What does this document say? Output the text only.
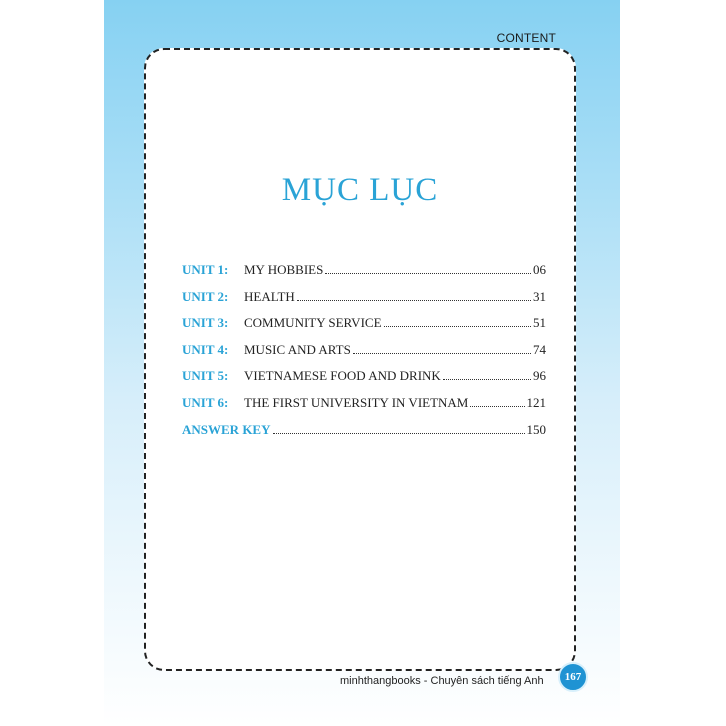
CONTENT
MỤC LỤC
UNIT 1:	MY HOBBIES	06
UNIT 2:	HEALTH	31
UNIT 3:	COMMUNITY SERVICE	51
UNIT 4:	MUSIC AND ARTS	74
UNIT 5:	VIETNAMESE FOOD AND DRINK	96
UNIT 6:	THE FIRST UNIVERSITY IN VIETNAM	121
ANSWER KEY	150
minhthangbooks - Chuyên sách tiếng Anh	167
